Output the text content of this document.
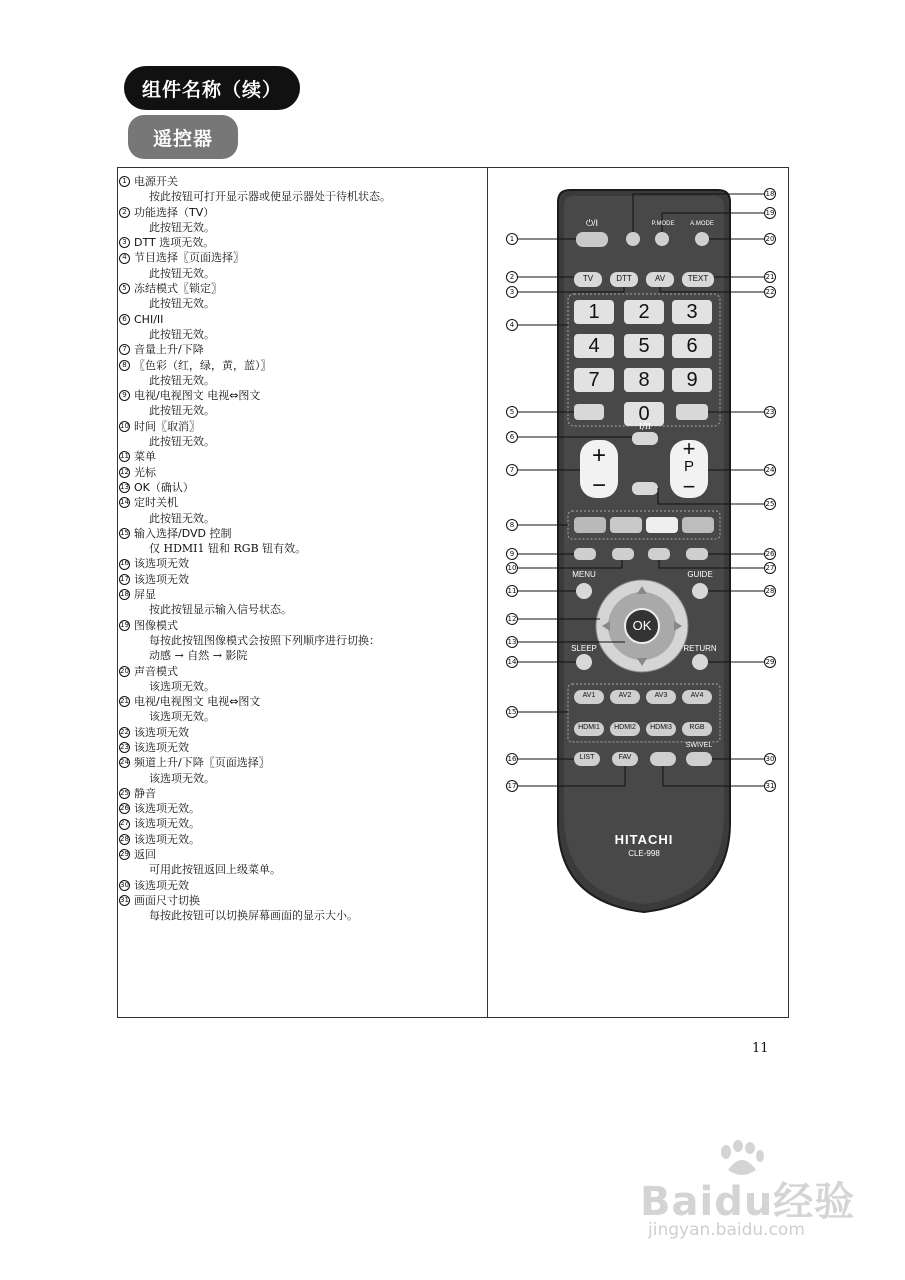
组件名称（续）
遥控器
1 电源开关
按此按钮可打开显示器或使显示器处于待机状态。
2 功能选择（TV）
此按钮无效。
3 DTT 选项无效。
4 节目选择〖页面选择〗
此按钮无效。
5 冻结模式〖锁定〗
此按钮无效。
6 CHI/II
此按钮无效。
7 音量上升/下降
8 〖色彩（红，绿，黄，蓝）〗
此按钮无效。
9 电视/电视图文 电视⇔图文
此按钮无效。
10 时间〖取消〗
此按钮无效。
11 菜单
12 光标
13 OK（确认）
14 定时关机
此按钮无效。
15 输入选择/DVD 控制
仅 HDMI1 钮和 RGB 钮有效。
16 该选项无效
17 该选项无效
18 屏显
按此按钮显示输入信号状态。
19 图像模式
每按此按钮图像模式会按照下列顺序进行切换：
动感 → 自然 → 影院
20 声音模式
该选项无效。
21 电视/电视图文 电视⇔图文
该选项无效。
22 该选项无效
23 该选项无效
24 频道上升/下降〖页面选择〗
该选项无效。
25 静音
26 该选项无效。
27 该选项无效。
28 该选项无效。
29 返回
可用此按钮返回上级菜单。
30 该选项无效
31 画面尺寸切换
每按此按钮可以切换屏幕画面的显示大小。
1
2
3
4
5
6
7
8
9
10
11
12
13
14
15
16
17
18
19
20
21
22
23
24
25
26
27
28
29
30
31
⏻/I	P.MODE	A.MODE
TV	DTT	AV	TEXT
1	2	3
4	5	6
7	8	9
0
I/II
+
−
+
P
−
MENU	GUIDE
OK
SLEEP	RETURN
AV1	AV2	AV3	AV4
HDMI1	HDMI2	HDMI3	RGB
LIST	FAV
SWIVEL
HITACHI
CLE-998
11
Baidu经验
jingyan.baidu.com
